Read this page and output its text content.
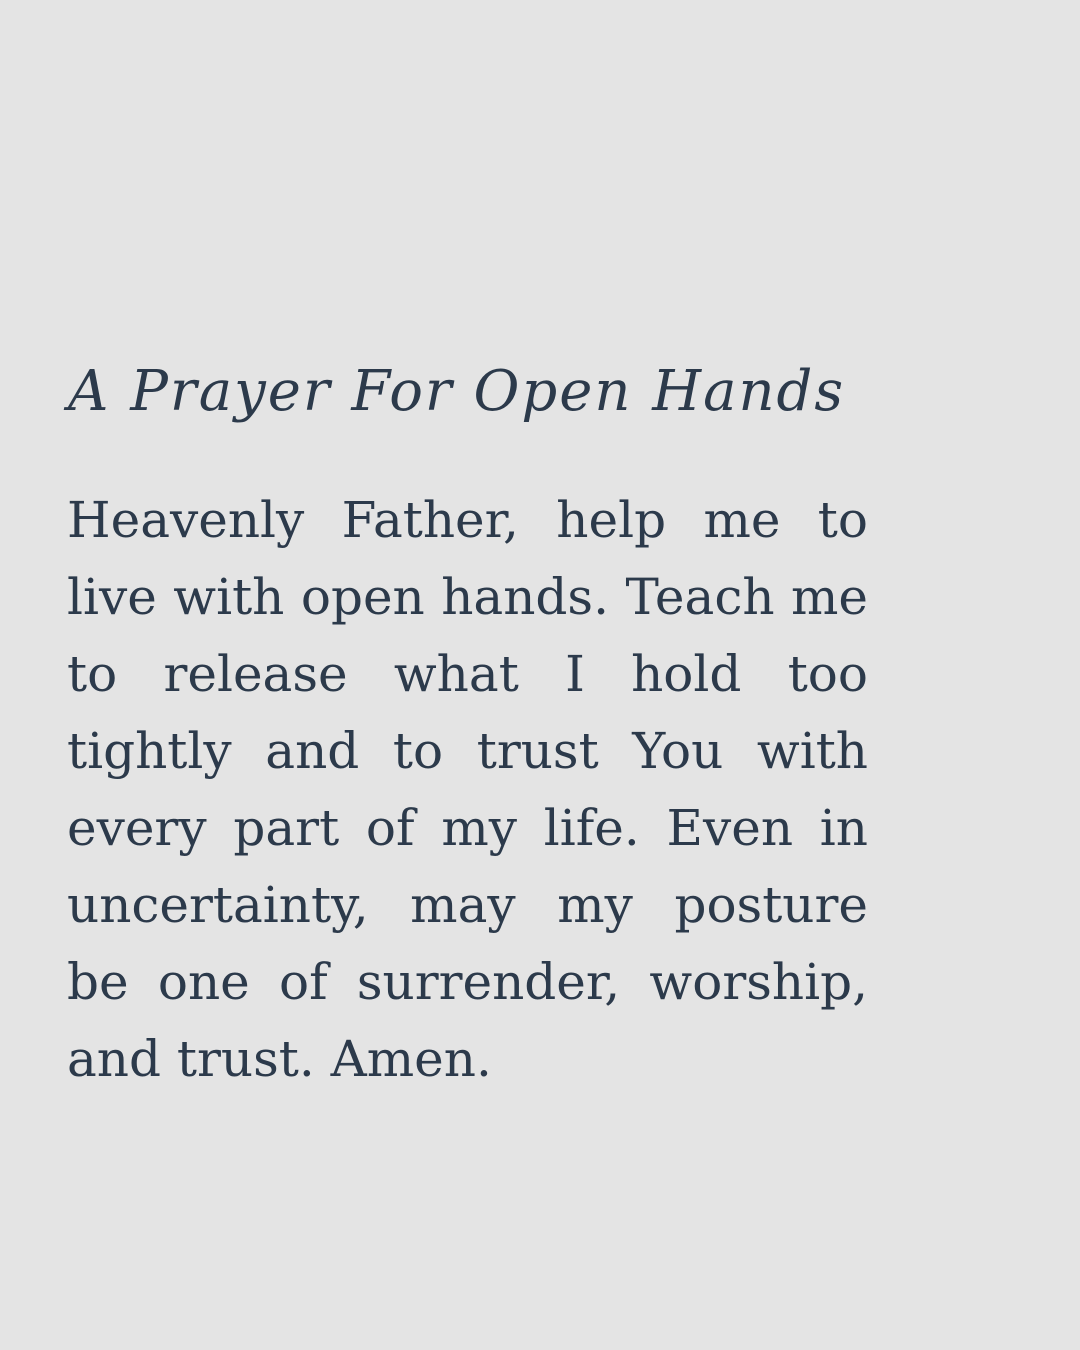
A Prayer For Open Hands

Heavenly Father, help me to live with open hands. Teach me to release what I hold too tightly and to trust You with every part of my life. Even in uncertainty, may my posture be one of surrender, worship, and trust. Amen.
